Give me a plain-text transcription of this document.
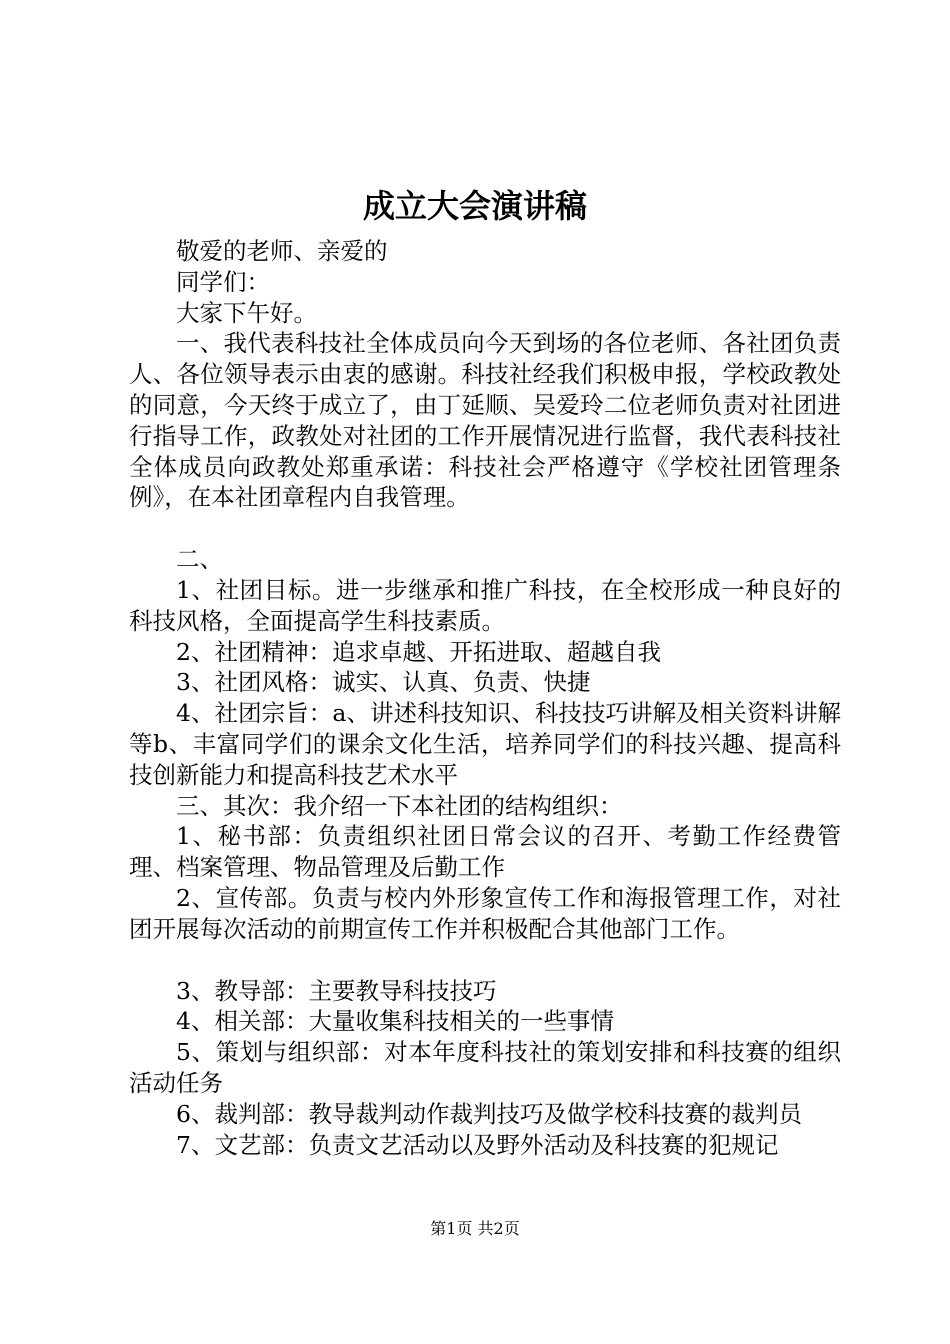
成立大会演讲稿

敬爱的老师、亲爱的

同学们：

大家下午好。

一、我代表科技社全体成员向今天到场的各位老师、各社团负责人、各位领导表示由衷的感谢。科技社经我们积极申报，学校政教处的同意，今天终于成立了，由丁延顺、吴爱玲二位老师负责对社团进行指导工作，政教处对社团的工作开展情况进行监督，我代表科技社全体成员向政教处郑重承诺：科技社会严格遵守《学校社团管理条例》，在本社团章程内自我管理。

二、

1、社团目标。进一步继承和推广科技，在全校形成一种良好的科技风格，全面提高学生科技素质。

2、社团精神：追求卓越、开拓进取、超越自我

3、社团风格：诚实、认真、负责、快捷

4、社团宗旨：a、讲述科技知识、科技技巧讲解及相关资料讲解等b、丰富同学们的课余文化生活，培养同学们的科技兴趣、提高科技创新能力和提高科技艺术水平

三、其次：我介绍一下本社团的结构组织：

1、秘书部：负责组织社团日常会议的召开、考勤工作经费管理、档案管理、物品管理及后勤工作

2、宣传部。负责与校内外形象宣传工作和海报管理工作，对社团开展每次活动的前期宣传工作并积极配合其他部门工作。

3、教导部：主要教导科技技巧

4、相关部：大量收集科技相关的一些事情

5、策划与组织部：对本年度科技社的策划安排和科技赛的组织活动任务

6、裁判部：教导裁判动作裁判技巧及做学校科技赛的裁判员

7、文艺部：负责文艺活动以及野外活动及科技赛的犯规记

第1页 共2页
